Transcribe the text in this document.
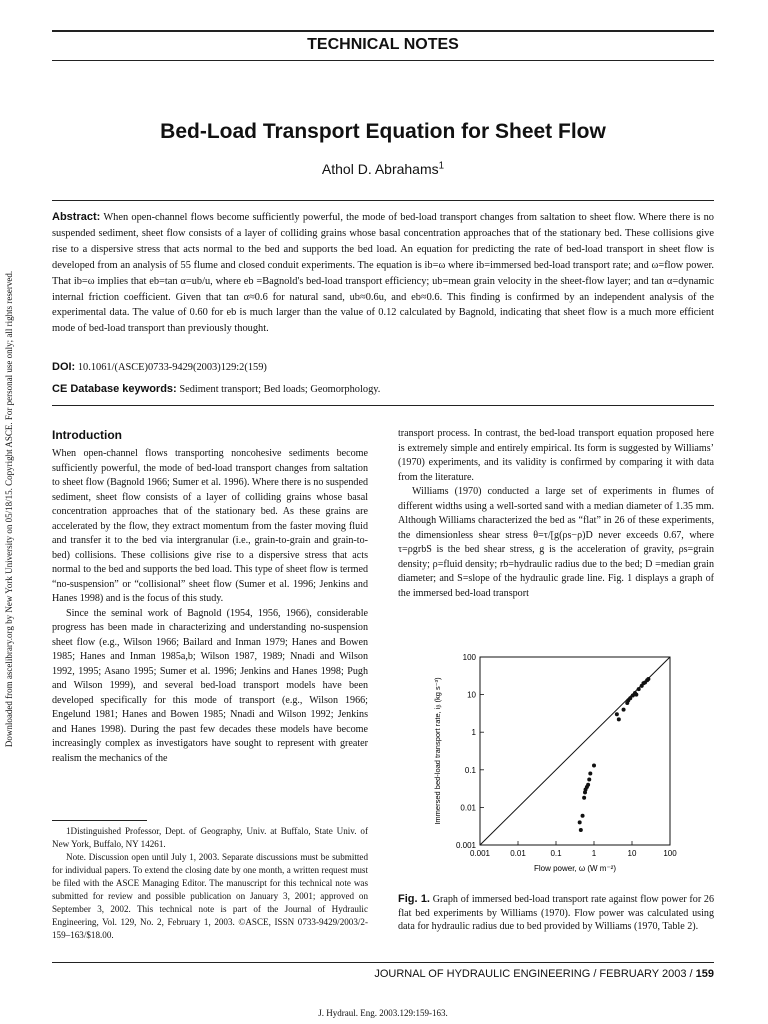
Downloaded from ascelibrary.org by New York University on 05/18/15. Copyright ASCE. For personal use only; all rights reserved.
TECHNICAL NOTES
Bed-Load Transport Equation for Sheet Flow
Athol D. Abrahams$^1$
Abstract: When open-channel flows become sufficiently powerful, the mode of bed-load transport changes from saltation to sheet flow. Where there is no suspended sediment, sheet flow consists of a layer of colliding grains whose basal concentration approaches that of the stationary bed. These collisions give rise to a dispersive stress that acts normal to the bed and supports the bed load. An equation for predicting the rate of bed-load transport in sheet flow is developed from an analysis of 55 flume and closed conduit experiments. The equation is ib=ω where ib=immersed bed-load transport rate; and ω=flow power. That ib=ω implies that eb=tan α=ub/u, where eb =Bagnold's bed-load transport efficiency; ub=mean grain velocity in the sheet-flow layer; and tan α=dynamic internal friction coefficient. Given that tan α≈0.6 for natural sand, ub≈0.6u, and eb≈0.6. This finding is confirmed by an independent analysis of the experimental data. The value of 0.60 for eb is much larger than the value of 0.12 calculated by Bagnold, indicating that sheet flow is a much more efficient mode of bed-load transport than previously thought.
DOI: 10.1061/(ASCE)0733-9429(2003)129:2(159)
CE Database keywords: Sediment transport; Bed loads; Geomorphology.
Introduction

When open-channel flows transporting noncohesive sediments become sufficiently powerful, the mode of bed-load transport changes from saltation to sheet flow (Bagnold 1966; Sumer et al. 1996). Where there is no suspended sediment, sheet flow consists of a layer of colliding grains whose basal concentration approaches that of the stationary bed. As these grains are accelerated by the flow, they extract momentum from the faster moving fluid and transfer it to the bed via intergranular (i.e., grain-to-grain and grain-to-bed) collisions. These collisions give rise to a dispersive stress that acts normal to the bed and supports the bed load. This type of sheet flow is termed “no-suspension” or “collisional” sheet flow (Sumer et al. 1996; Jenkins and Hanes 1998) and is the focus of this study.

Since the seminal work of Bagnold (1954, 1956, 1966), considerable progress has been made in characterizing and understanding no-suspension sheet flow (e.g., Wilson 1966; Bailard and Inman 1979; Hanes and Bowen 1985; Hanes and Inman 1985a,b; Wilson 1987, 1989; Nnadi and Wilson 1992, 1995; Asano 1995; Sumer et al. 1996; Jenkins and Hanes 1998; Pugh and Wilson 1999), and several bed-load transport models have been developed specifically for this mode of transport (e.g., Wilson 1966; Engelund 1981; Hanes and Bowen 1985; Nnadi and Wilson 1992; Jenkins and Hanes 1998). During the past few decades these models have become increasingly complex as investigators have sought to represent with greater realism the mechanics of the

1Distinguished Professor, Dept. of Geography, Univ. at Buffalo, State Univ. of New York, Buffalo, NY 14261.

Note. Discussion open until July 1, 2003. Separate discussions must be submitted for individual papers. To extend the closing date by one month, a written request must be filed with the ASCE Managing Editor. The manuscript for this technical note was submitted for review and possible publication on January 3, 2001; approved on September 3, 2002. This technical note is part of the Journal of Hydraulic Engineering, Vol. 129, No. 2, February 1, 2003. ©ASCE, ISSN 0733-9429/2003/2-159–163/$18.00.

transport process. In contrast, the bed-load transport equation proposed here is extremely simple and entirely empirical. Its form is suggested by Williams’ (1970) experiments, and its validity is confirmed by comparing it with data from the literature.

Williams (1970) conducted a large set of experiments in flumes of different widths using a well-sorted sand with a median diameter of 1.35 mm. Although Williams characterized the bed as “flat” in 26 of these experiments, the dimensionless shear stress θ=τ/[g(ρs−ρ)D never exceeds 0.67, where τ=ρgrbS is the bed shear stress, g is the acceleration of gravity, ρs=grain density; ρ=fluid density; rb=hydraulic radius due to the bed; D =median grain diameter; and S=slope of the hydraulic grade line. Fig. 1 displays a graph of the immersed bed-load transport

0.001	0.01	0.1	1	10	100
0.001
0.01
0.1
1
10
100
Flow power, ω (W m⁻²)
Immersed bed-load transport rate, iᵦ (kg s⁻³)
Fig. 1. Graph of immersed bed-load transport rate against flow power for 26 flat bed experiments by Williams (1970). Flow power was calculated using data for hydraulic radius due to bed provided by Williams (1970, Table 2).
JOURNAL OF HYDRAULIC ENGINEERING / FEBRUARY 2003 / 159
J. Hydraul. Eng. 2003.129:159-163.
